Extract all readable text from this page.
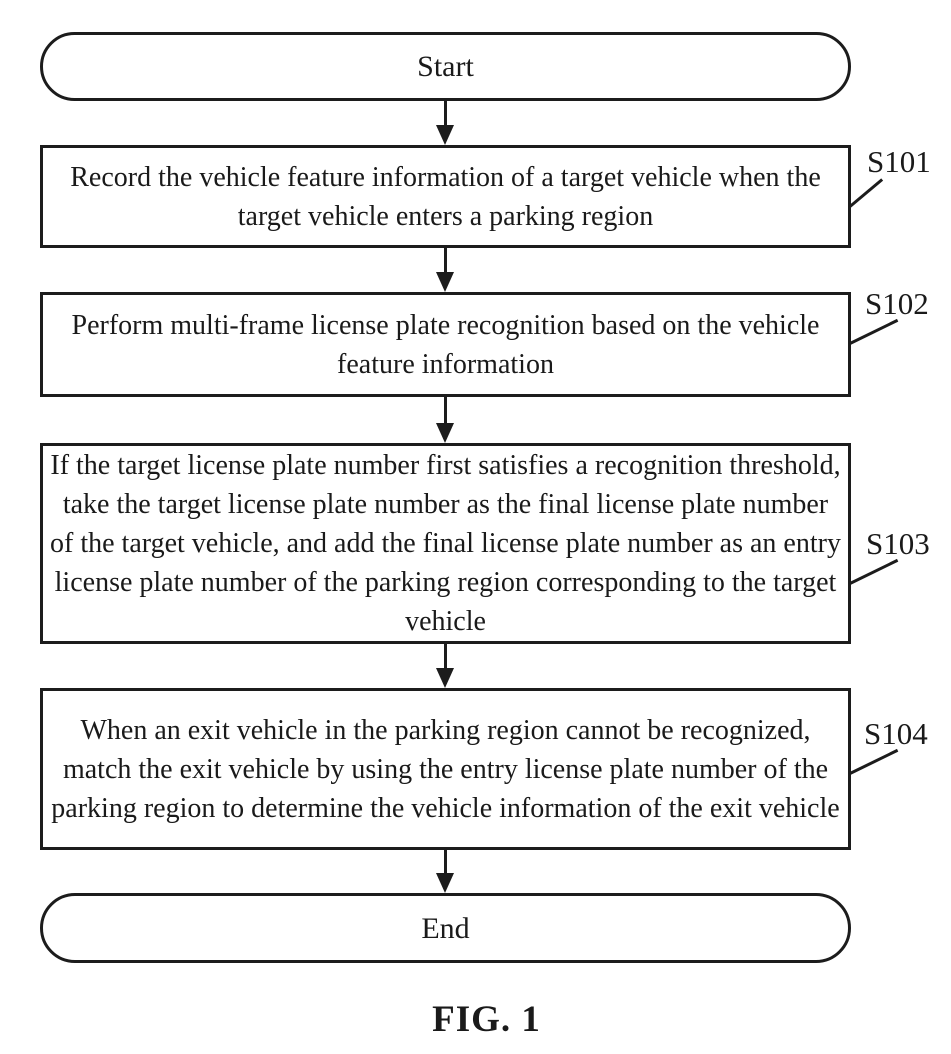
Start
Record the vehicle feature information of a target vehicle when the target vehicle enters a parking region
S101
Perform multi-frame license plate recognition based on the vehicle feature information
S102
If the target license plate number first satisfies a recognition threshold, take the target license plate number as the final license plate number of the target vehicle, and add the final license plate number as an entry license plate number of the parking region corresponding to the target vehicle
S103
When an exit vehicle in the parking region cannot be recognized, match the exit vehicle by using the entry license plate number of the parking region to determine the vehicle information of the exit vehicle
S104
End
FIG. 1
